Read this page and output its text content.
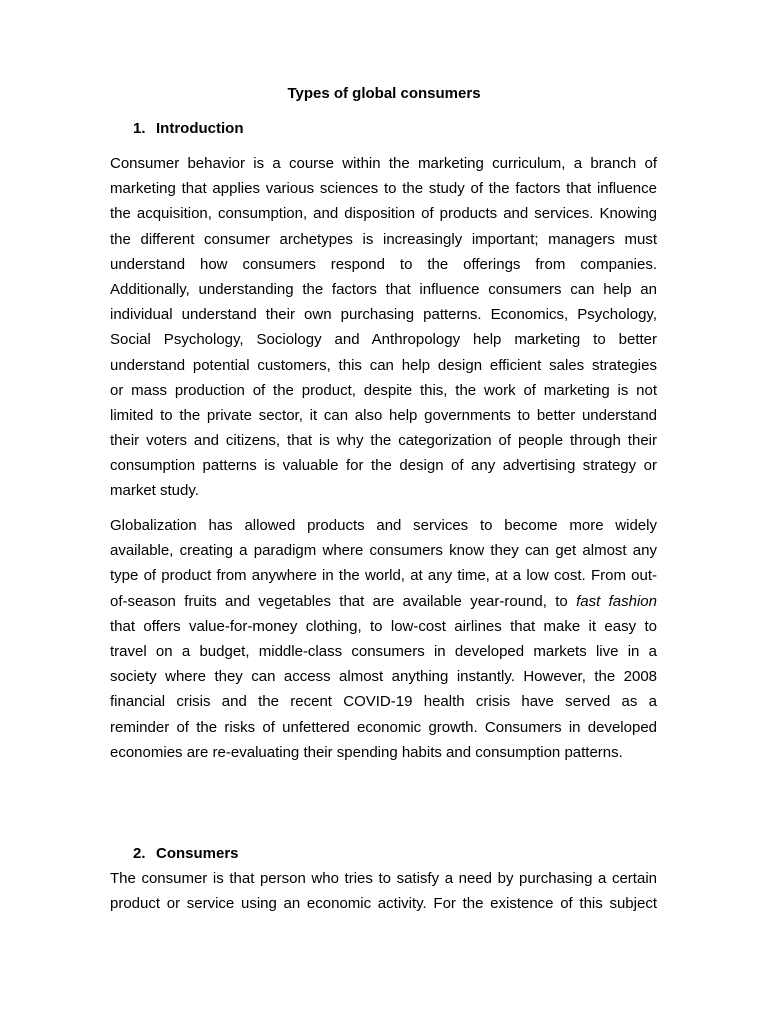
Types of global consumers
1. Introduction
Consumer behavior is a course within the marketing curriculum, a branch of
marketing that applies various sciences to the study of the factors that influence
the acquisition, consumption, and disposition of products and services. Knowing
the different consumer archetypes is increasingly important; managers must
understand how consumers respond to the offerings from companies.
Additionally, understanding the factors that influence consumers can help an
individual understand their own purchasing patterns. Economics, Psychology,
Social Psychology, Sociology and Anthropology help marketing to better
understand potential customers, this can help design efficient sales strategies
or mass production of the product, despite this, the work of marketing is not
limited to the private sector, it can also help governments to better understand
their voters and citizens, that is why the categorization of people through their
consumption patterns is valuable for the design of any advertising strategy or
market study.
Globalization has allowed products and services to become more widely
available, creating a paradigm where consumers know they can get almost any
type of product from anywhere in the world, at any time, at a low cost. From out-
of-season fruits and vegetables that are available year-round, to fast fashion
that offers value-for-money clothing, to low-cost airlines that make it easy to
travel on a budget, middle-class consumers in developed markets live in a
society where they can access almost anything instantly. However, the 2008
financial crisis and the recent COVID-19 health crisis have served as a
reminder of the risks of unfettered economic growth. Consumers in developed
economies are re-evaluating their spending habits and consumption patterns.
2. Consumers
The consumer is that person who tries to satisfy a need by purchasing a certain
product or service using an economic activity. For the existence of this subject
